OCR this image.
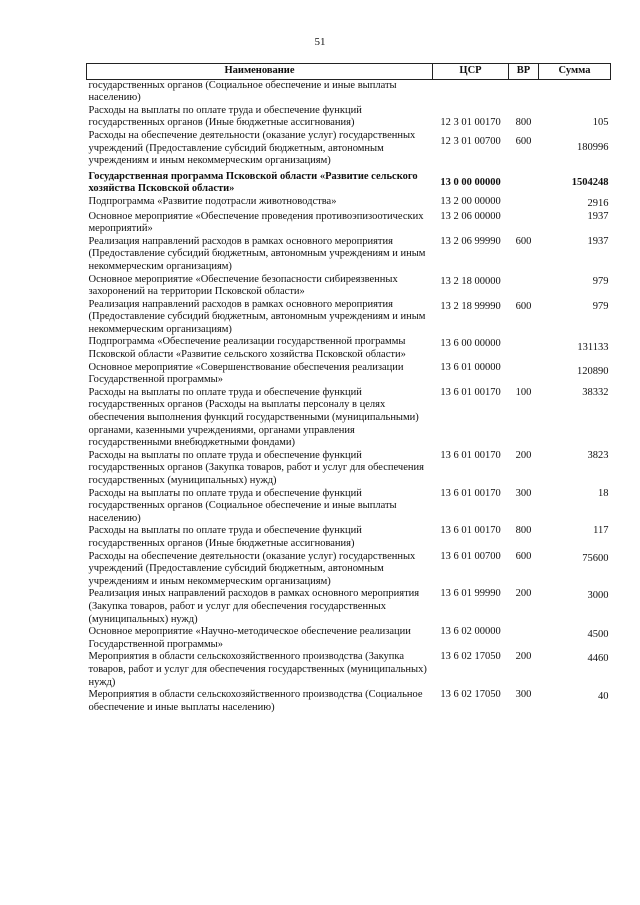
51
Наименование	ЦСР	ВР	Сумма
государственных органов (Социальное обеспечение и иные выплаты населению)			
Расходы на выплаты по оплате труда и обеспечение функций государственных органов (Иные бюджетные ассигнования)	12 3 01 00170	800	105
Расходы на обеспечение деятельности (оказание услуг) государственных учреждений (Предоставление субсидий бюджетным, автономным учреждениям и иным некоммерческим организациям)	12 3 01 00700	600	180996
Государственная программа Псковской области «Развитие сельского хозяйства Псковской области»	13 0 00 00000		1504248
Подпрограмма «Развитие подотрасли животноводства»	13 2 00 00000		2916
Основное мероприятие «Обеспечение проведения противоэпизоотических мероприятий»	13 2 06 00000		1937
Реализация направлений расходов в рамках основного мероприятия (Предоставление субсидий бюджетным, автономным учреждениям и иным некоммерческим организациям)	13 2 06 99990	600	1937
Основное мероприятие «Обеспечение безопасности сибиреязвенных захоронений на территории Псковской области»	13 2 18 00000		979
Реализация направлений расходов в рамках основного мероприятия (Предоставление субсидий бюджетным, автономным учреждениям и иным некоммерческим организациям)	13 2 18 99990	600	979
Подпрограмма «Обеспечение реализации государственной программы Псковской области «Развитие сельского хозяйства Псковской области»	13 6 00 00000		131133
Основное мероприятие «Совершенствование обеспечения реализации Государственной программы»	13 6 01 00000		120890
Расходы на выплаты по оплате труда и обеспечение функций государственных органов (Расходы на выплаты персоналу в целях обеспечения выполнения функций государственными (муниципальными) органами, казенными учреждениями, органами управления государственными внебюджетными фондами)	13 6 01 00170	100	38332
Расходы на выплаты по оплате труда и обеспечение функций государственных органов (Закупка товаров, работ и услуг для обеспечения государственных (муниципальных) нужд)	13 6 01 00170	200	3823
Расходы на выплаты по оплате труда и обеспечение функций государственных органов (Социальное обеспечение и иные выплаты населению)	13 6 01 00170	300	18
Расходы на выплаты по оплате труда и обеспечение функций государственных органов (Иные бюджетные ассигнования)	13 6 01 00170	800	117
Расходы на обеспечение деятельности (оказание услуг) государственных учреждений (Предоставление субсидий бюджетным, автономным учреждениям и иным некоммерческим организациям)	13 6 01 00700	600	75600
Реализация иных направлений расходов в рамках основного мероприятия (Закупка товаров, работ и услуг для обеспечения государственных (муниципальных) нужд)	13 6 01 99990	200	3000
Основное мероприятие «Научно-методическое обеспечение реализации Государственной программы»	13 6 02 00000		4500
Мероприятия в области сельскохозяйственного производства (Закупка товаров, работ и услуг для обеспечения государственных (муниципальных) нужд)	13 6 02 17050	200	4460
Мероприятия в области сельскохозяйственного производства (Социальное обеспечение и иные выплаты населению)	13 6 02 17050	300	40
